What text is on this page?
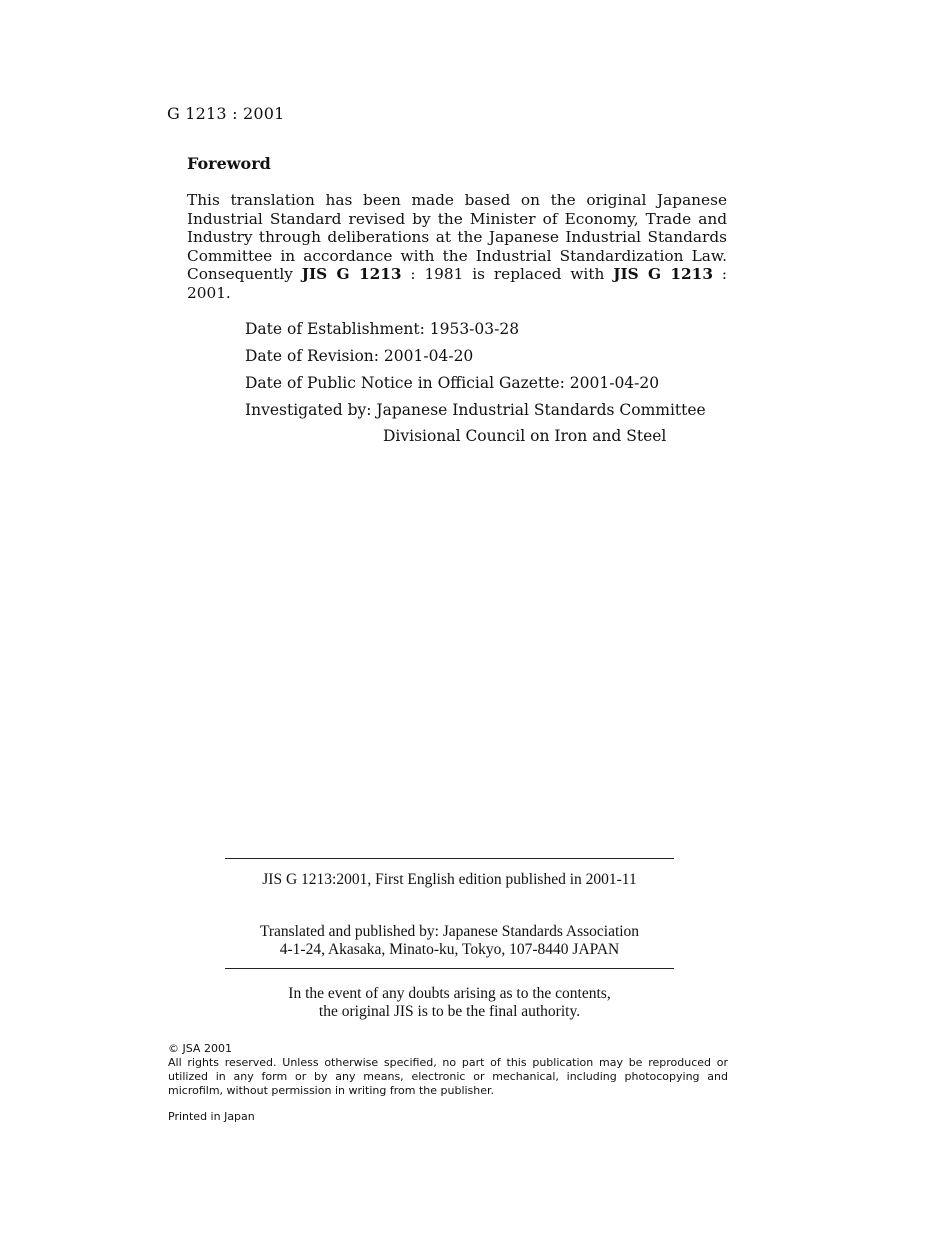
G 1213 : 2001
Foreword
This translation has been made based on the original Japanese Industrial Standard revised by the Minister of Economy, Trade and Industry through deliberations at the Japanese Industrial Standards Committee in accordance with the Industrial Standardization Law. Consequently JIS G 1213 : 1981 is replaced with JIS G 1213 : 2001.
Date of Establishment: 1953-03-28
Date of Revision: 2001-04-20
Date of Public Notice in Official Gazette: 2001-04-20
Investigated by: Japanese Industrial Standards Committee
Divisional Council on Iron and Steel
JIS G 1213:2001, First English edition published in 2001-11
Translated and published by: Japanese Standards Association
4-1-24, Akasaka, Minato-ku, Tokyo, 107-8440 JAPAN
In the event of any doubts arising as to the contents,
the original JIS is to be the final authority.
© JSA 2001
All rights reserved. Unless otherwise specified, no part of this publication may be reproduced or utilized in any form or by any means, electronic or mechanical, including photocopying and microfilm, without permission in writing from the publisher.
Printed in Japan
